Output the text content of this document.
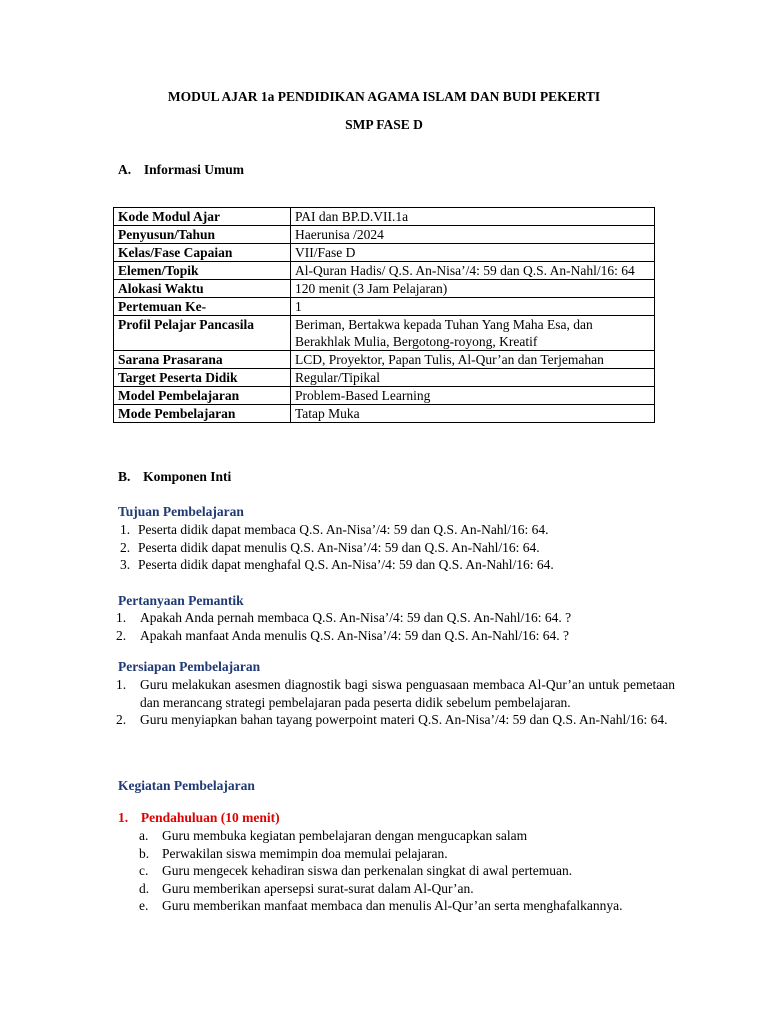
MODUL AJAR 1a PENDIDIKAN AGAMA ISLAM DAN BUDI PEKERTI
SMP FASE D
A. Informasi Umum
Kode Modul Ajar	PAI dan BP.D.VII.1a
Penyusun/Tahun	Haerunisa /2024
Kelas/Fase Capaian	VII/Fase D
Elemen/Topik	Al-Quran Hadis/ Q.S. An-Nisa’/4: 59 dan Q.S. An-Nahl/16: 64
Alokasi Waktu	120 menit (3 Jam Pelajaran)
Pertemuan Ke-	1
Profil Pelajar Pancasila	Beriman, Bertakwa kepada Tuhan Yang Maha Esa, dan Berakhlak Mulia, Bergotong-royong, Kreatif
Sarana Prasarana	LCD, Proyektor, Papan Tulis, Al-Qur’an dan Terjemahan
Target Peserta Didik	Regular/Tipikal
Model Pembelajaran	Problem-Based Learning
Mode Pembelajaran	Tatap Muka
B. Komponen Inti
Tujuan Pembelajaran
1. Peserta didik dapat membaca Q.S. An-Nisa’/4: 59 dan Q.S. An-Nahl/16: 64.
2. Peserta didik dapat menulis Q.S. An-Nisa’/4: 59 dan Q.S. An-Nahl/16: 64.
3. Peserta didik dapat menghafal Q.S. An-Nisa’/4: 59 dan Q.S. An-Nahl/16: 64.
Pertanyaan Pemantik
1. Apakah Anda pernah membaca Q.S. An-Nisa’/4: 59 dan Q.S. An-Nahl/16: 64. ?
2. Apakah manfaat Anda menulis Q.S. An-Nisa’/4: 59 dan Q.S. An-Nahl/16: 64. ?
Persiapan Pembelajaran
1. Guru melakukan asesmen diagnostik bagi siswa penguasaan membaca Al-Qur’an untuk pemetaan dan merancang strategi pembelajaran pada peserta didik sebelum pembelajaran.
2. Guru menyiapkan bahan tayang powerpoint materi Q.S. An-Nisa’/4: 59 dan Q.S. An-Nahl/16: 64.
Kegiatan Pembelajaran
1. Pendahuluan (10 menit)
a. Guru membuka kegiatan pembelajaran dengan mengucapkan salam
b. Perwakilan siswa memimpin doa memulai pelajaran.
c. Guru mengecek kehadiran siswa dan perkenalan singkat di awal pertemuan.
d. Guru memberikan apersepsi surat-surat dalam Al-Qur’an.
e. Guru memberikan manfaat membaca dan menulis Al-Qur’an serta menghafalkannya.
